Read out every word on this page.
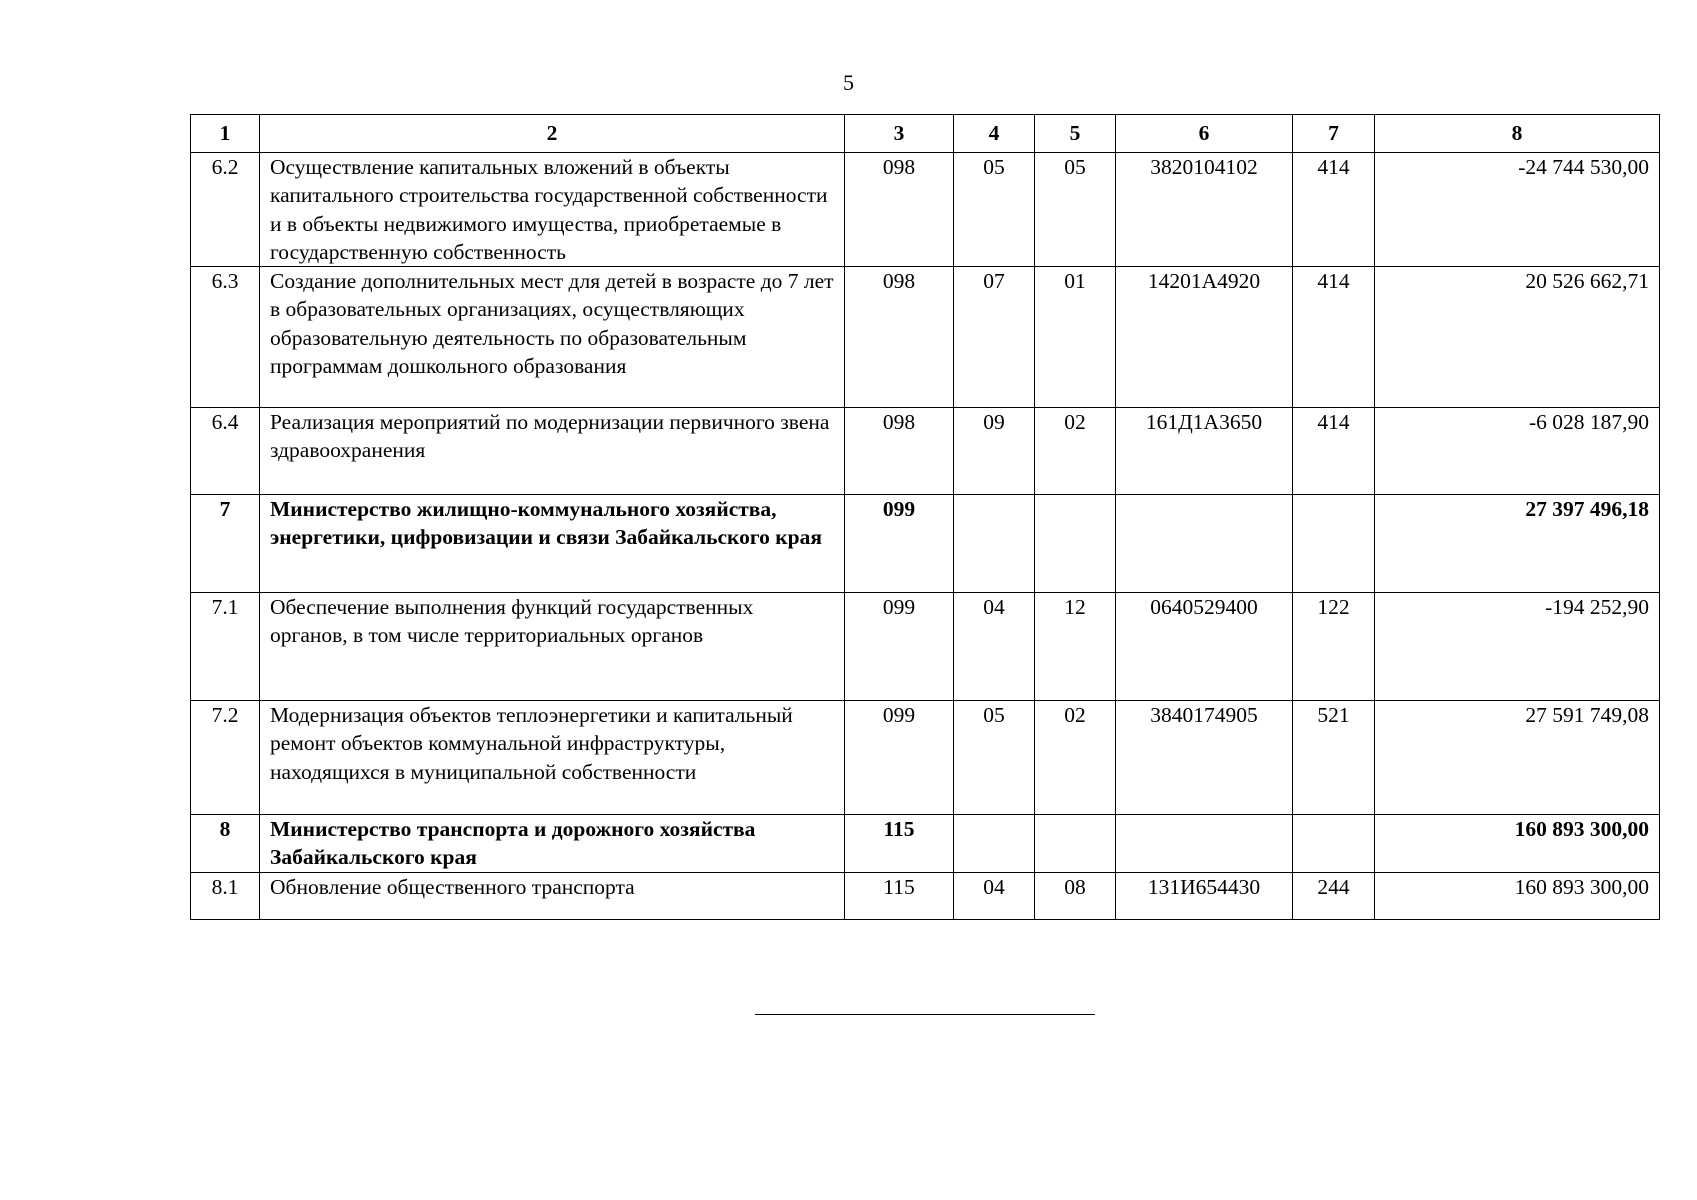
5
1	2	3	4	5	6	7	8
6.2	Осуществление капитальных вложений в объекты капитального строительства государственной собственности и в объекты недвижимого имущества, приобретаемые в государственную собственность	098	05	05	3820104102	414	-24 744 530,00
6.3	Создание дополнительных мест для детей в возрасте до 7 лет в образовательных организациях, осуществляющих образовательную деятельность по образовательным программам дошкольного образования	098	07	01	14201А4920	414	20 526 662,71
6.4	Реализация мероприятий по модернизации первичного звена здравоохранения	098	09	02	161Д1А3650	414	-6 028 187,90
7	Министерство жилищно-коммунального хозяйства, энергетики, цифровизации и связи Забайкальского края	099					27 397 496,18
7.1	Обеспечение выполнения функций государственных органов, в том числе территориальных органов	099	04	12	0640529400	122	-194 252,90
7.2	Модернизация объектов теплоэнергетики и капитальный ремонт объектов коммунальной инфраструктуры, находящихся в муниципальной собственности	099	05	02	3840174905	521	27 591 749,08
8	Министерство транспорта и дорожного хозяйства Забайкальского края	115					160 893 300,00
8.1	Обновление общественного транспорта	115	04	08	131И654430	244	160 893 300,00
